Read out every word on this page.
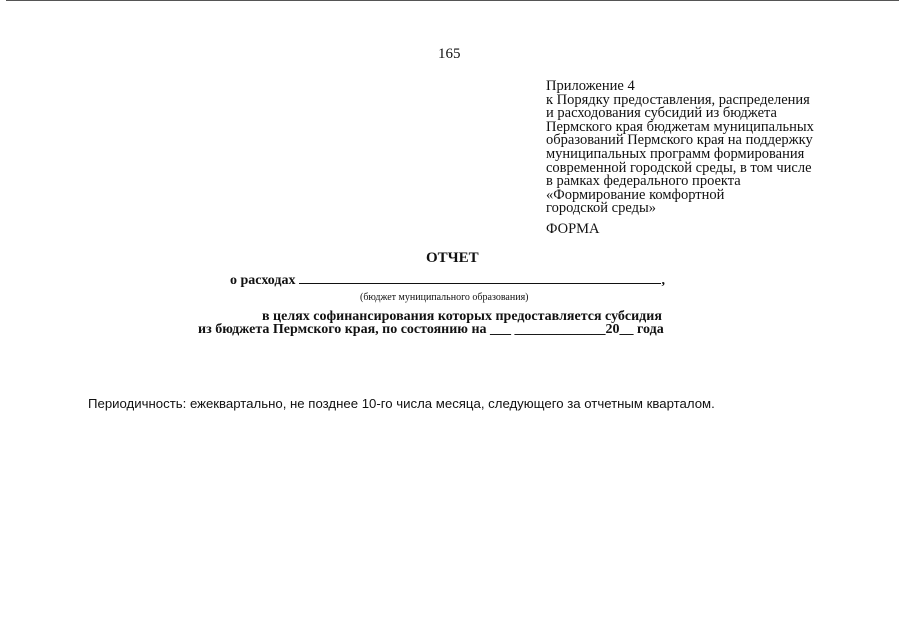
165
Приложение 4
к Порядку предоставления, распределения
и расходования субсидий из бюджета
Пермского края бюджетам муниципальных
образований Пермского края на поддержку
муниципальных программ формирования
современной городской среды, в том числе
в рамках федерального проекта
«Формирование комфортной
городской среды»
ФОРМА
ОТЧЕТ
о расходах	,
(бюджет муниципального образования)
в целях софинансирования которых предоставляется субсидия
из бюджета Пермского края, по состоянию на ___ _____________20__ года
Периодичность: ежеквартально, не позднее 10-го числа месяца, следующего за отчетным кварталом.
